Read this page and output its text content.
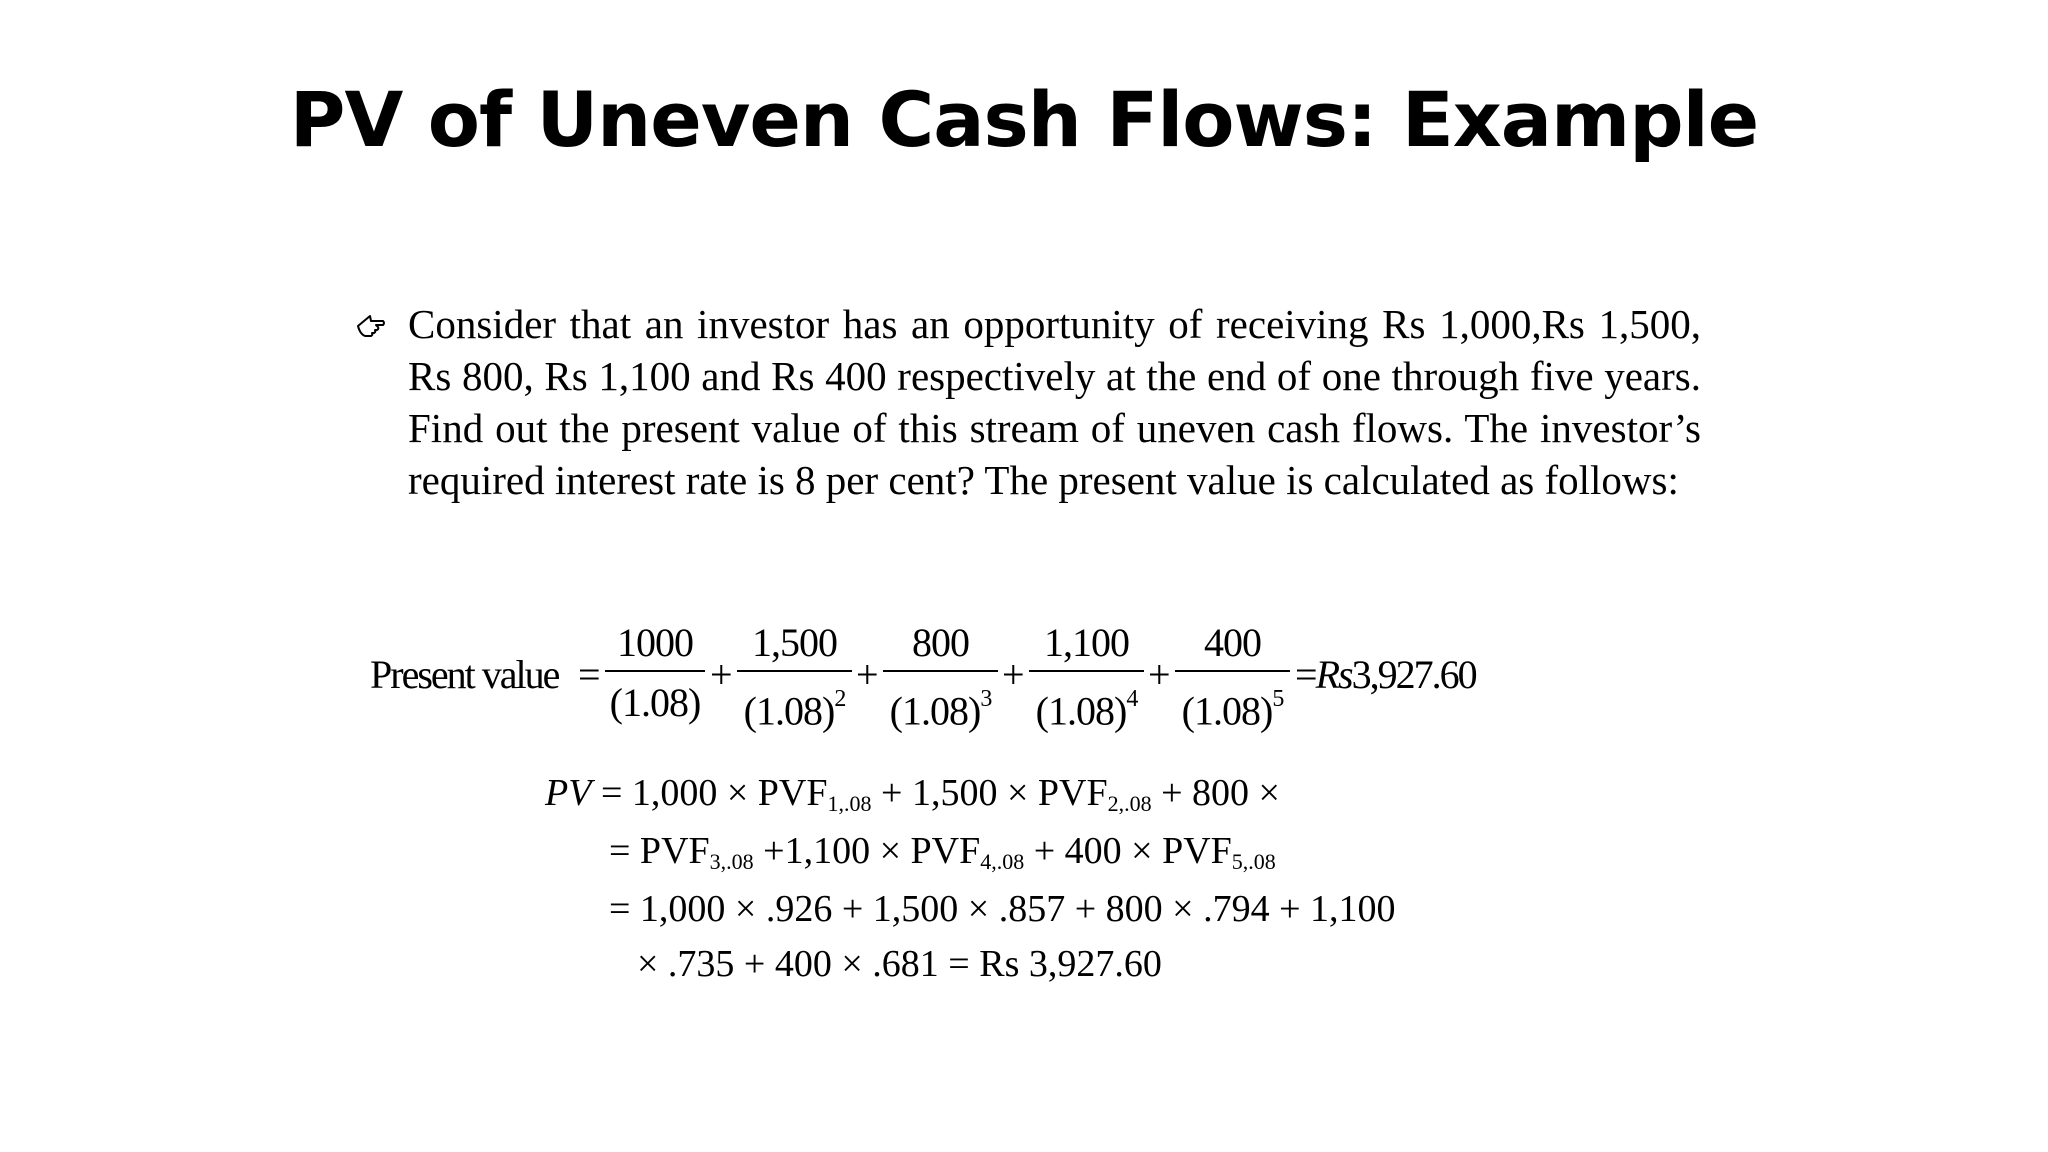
PV of Uneven Cash Flows: Example
Consider that an investor has an opportunity of receiving Rs 1,000,Rs 1,500, Rs 800, Rs 1,100 and Rs 400 respectively at the end of one through five years. Find out the present value of this stream of uneven cash flows. The investor’s required interest rate is 8 per cent? The present value is calculated as follows:
Present value =
1000
(1.08)
+
1,500
$(1.08)^2$
+
800
$(1.08)^3$
+
1,100
$(1.08)^4$
+
400
$(1.08)^5$
=Rs3,927.60
PV = $1,000 \times PVF_{1,.08} + 1,500 \times PVF_{2,.08} + 800$ ×
= $PVF_{3,.08} +1,100 \times PVF_{4,.08} + 400 \times PVF_{5,.08}$
= 1,000 × .926 + 1,500 × .857 + 800 × .794 + 1,100
× .735 + 400 × .681 = Rs 3,927.60
